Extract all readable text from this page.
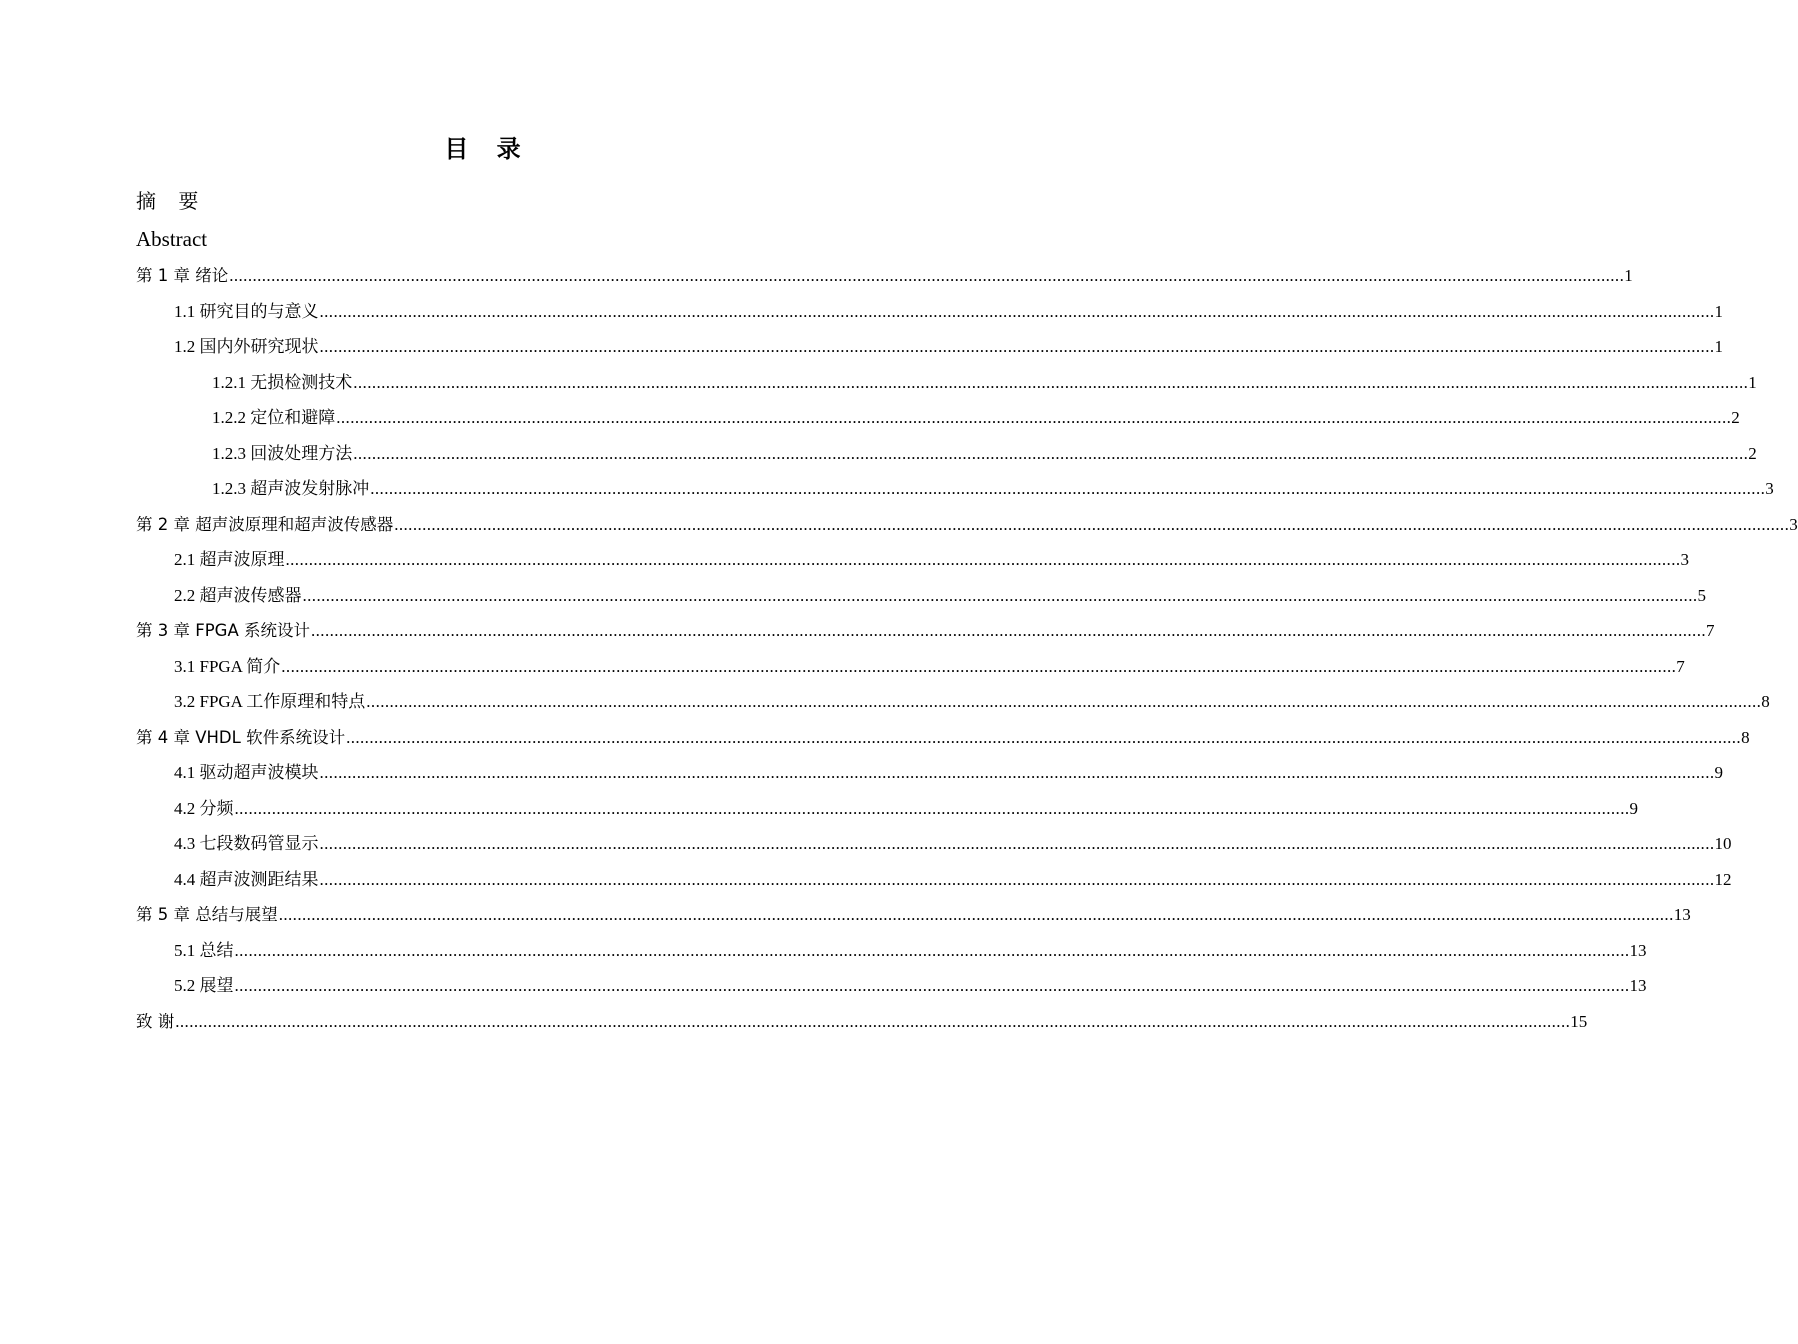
目 录
摘 要
Abstract
第 1 章 绪论 ............................................................................................................................................................................................................................................................................................................ 1
1.1 研究目的与意义 ............................................................................................................................................................................................................................................................................................................ 1
1.2 国内外研究现状 ............................................................................................................................................................................................................................................................................................................ 1
1.2.1 无损检测技术 ............................................................................................................................................................................................................................................................................................................ 1
1.2.2 定位和避障 ............................................................................................................................................................................................................................................................................................................ 2
1.2.3 回波处理方法 ............................................................................................................................................................................................................................................................................................................ 2
1.2.3 超声波发射脉冲 ............................................................................................................................................................................................................................................................................................................ 3
第 2 章 超声波原理和超声波传感器 ............................................................................................................................................................................................................................................................................................................ 3
2.1 超声波原理 ............................................................................................................................................................................................................................................................................................................ 3
2.2 超声波传感器 ............................................................................................................................................................................................................................................................................................................ 5
第 3 章 FPGA 系统设计 ............................................................................................................................................................................................................................................................................................................ 7
3.1 FPGA 简介 ............................................................................................................................................................................................................................................................................................................ 7
3.2 FPGA 工作原理和特点 ............................................................................................................................................................................................................................................................................................................ 8
第 4 章 VHDL 软件系统设计 ............................................................................................................................................................................................................................................................................................................ 8
4.1 驱动超声波模块 ............................................................................................................................................................................................................................................................................................................ 9
4.2 分频 ............................................................................................................................................................................................................................................................................................................ 9
4.3 七段数码管显示 ............................................................................................................................................................................................................................................................................................................ 10
4.4 超声波测距结果 ............................................................................................................................................................................................................................................................................................................ 12
第 5 章 总结与展望 ............................................................................................................................................................................................................................................................................................................ 13
5.1 总结 ............................................................................................................................................................................................................................................................................................................ 13
5.2 展望 ............................................................................................................................................................................................................................................................................................................ 13
致 谢 ............................................................................................................................................................................................................................................................................................................ 15
